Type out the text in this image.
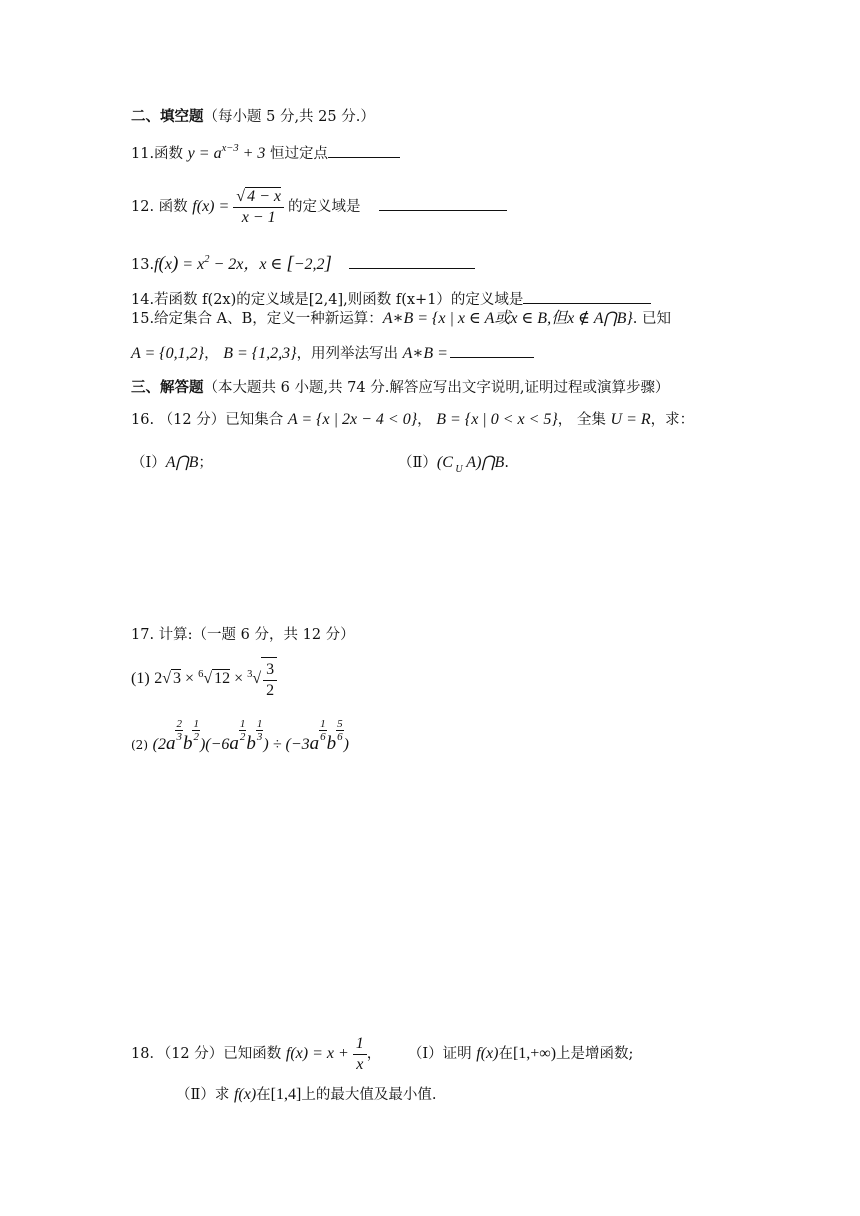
二、填空题（每小题 5 分,共 25 分.）
11.函数 $y = a^{x-3} + 3$ 恒过定点
12. 函数 $f(x) = \frac{√ 4 - x}{x - 1}$ 的定义域是
$13.f(x) = x^2 - 2x$，x ∈ [−2,2]
14.若函数 f(2x)的定义域是[2,4],则函数 f(x+1）的定义域是
15.给定集合 A、B，定义一种新运算：A∗B = {x | x ∈ A或x ∈ B,但x ∉ A⋂B}. 已知
A = {0,1,2}， B = {1,2,3}，用列举法写出 A∗B =
三、解答题（本大题共 6 小题,共 74 分.解答应写出文字说明,证明过程或演算步骤）
16. （12 分）已知集合 A = {x | 2x − 4 < 0}， B = {x | 0 < x < 5}， 全集 U = R，求：
（Ⅰ）A⋂B；	（Ⅱ）(C $_U$ A)⋂B.
17. 计算:（一题 6 分，共 12 分）
(1) 2√ 3 × $^6$√ $12 \times ^3√ \frac{3}{2}$
(2) (2a
$\frac{2}{3}$
b
$\frac{1}{2}$
)(−6a
$\frac{1}{2}$
b
$\frac{1}{3}$
) ÷ (−3a
$\frac{1}{6}$
b
$\frac{5}{6}$
)
18．（12 分）已知函数 $f(x) = x + \frac{1}{x}$ ， （Ⅰ）证明 f(x)在[1,+∞)上是增函数;
（Ⅱ）求 f(x)在[1,4]上的最大值及最小值.
